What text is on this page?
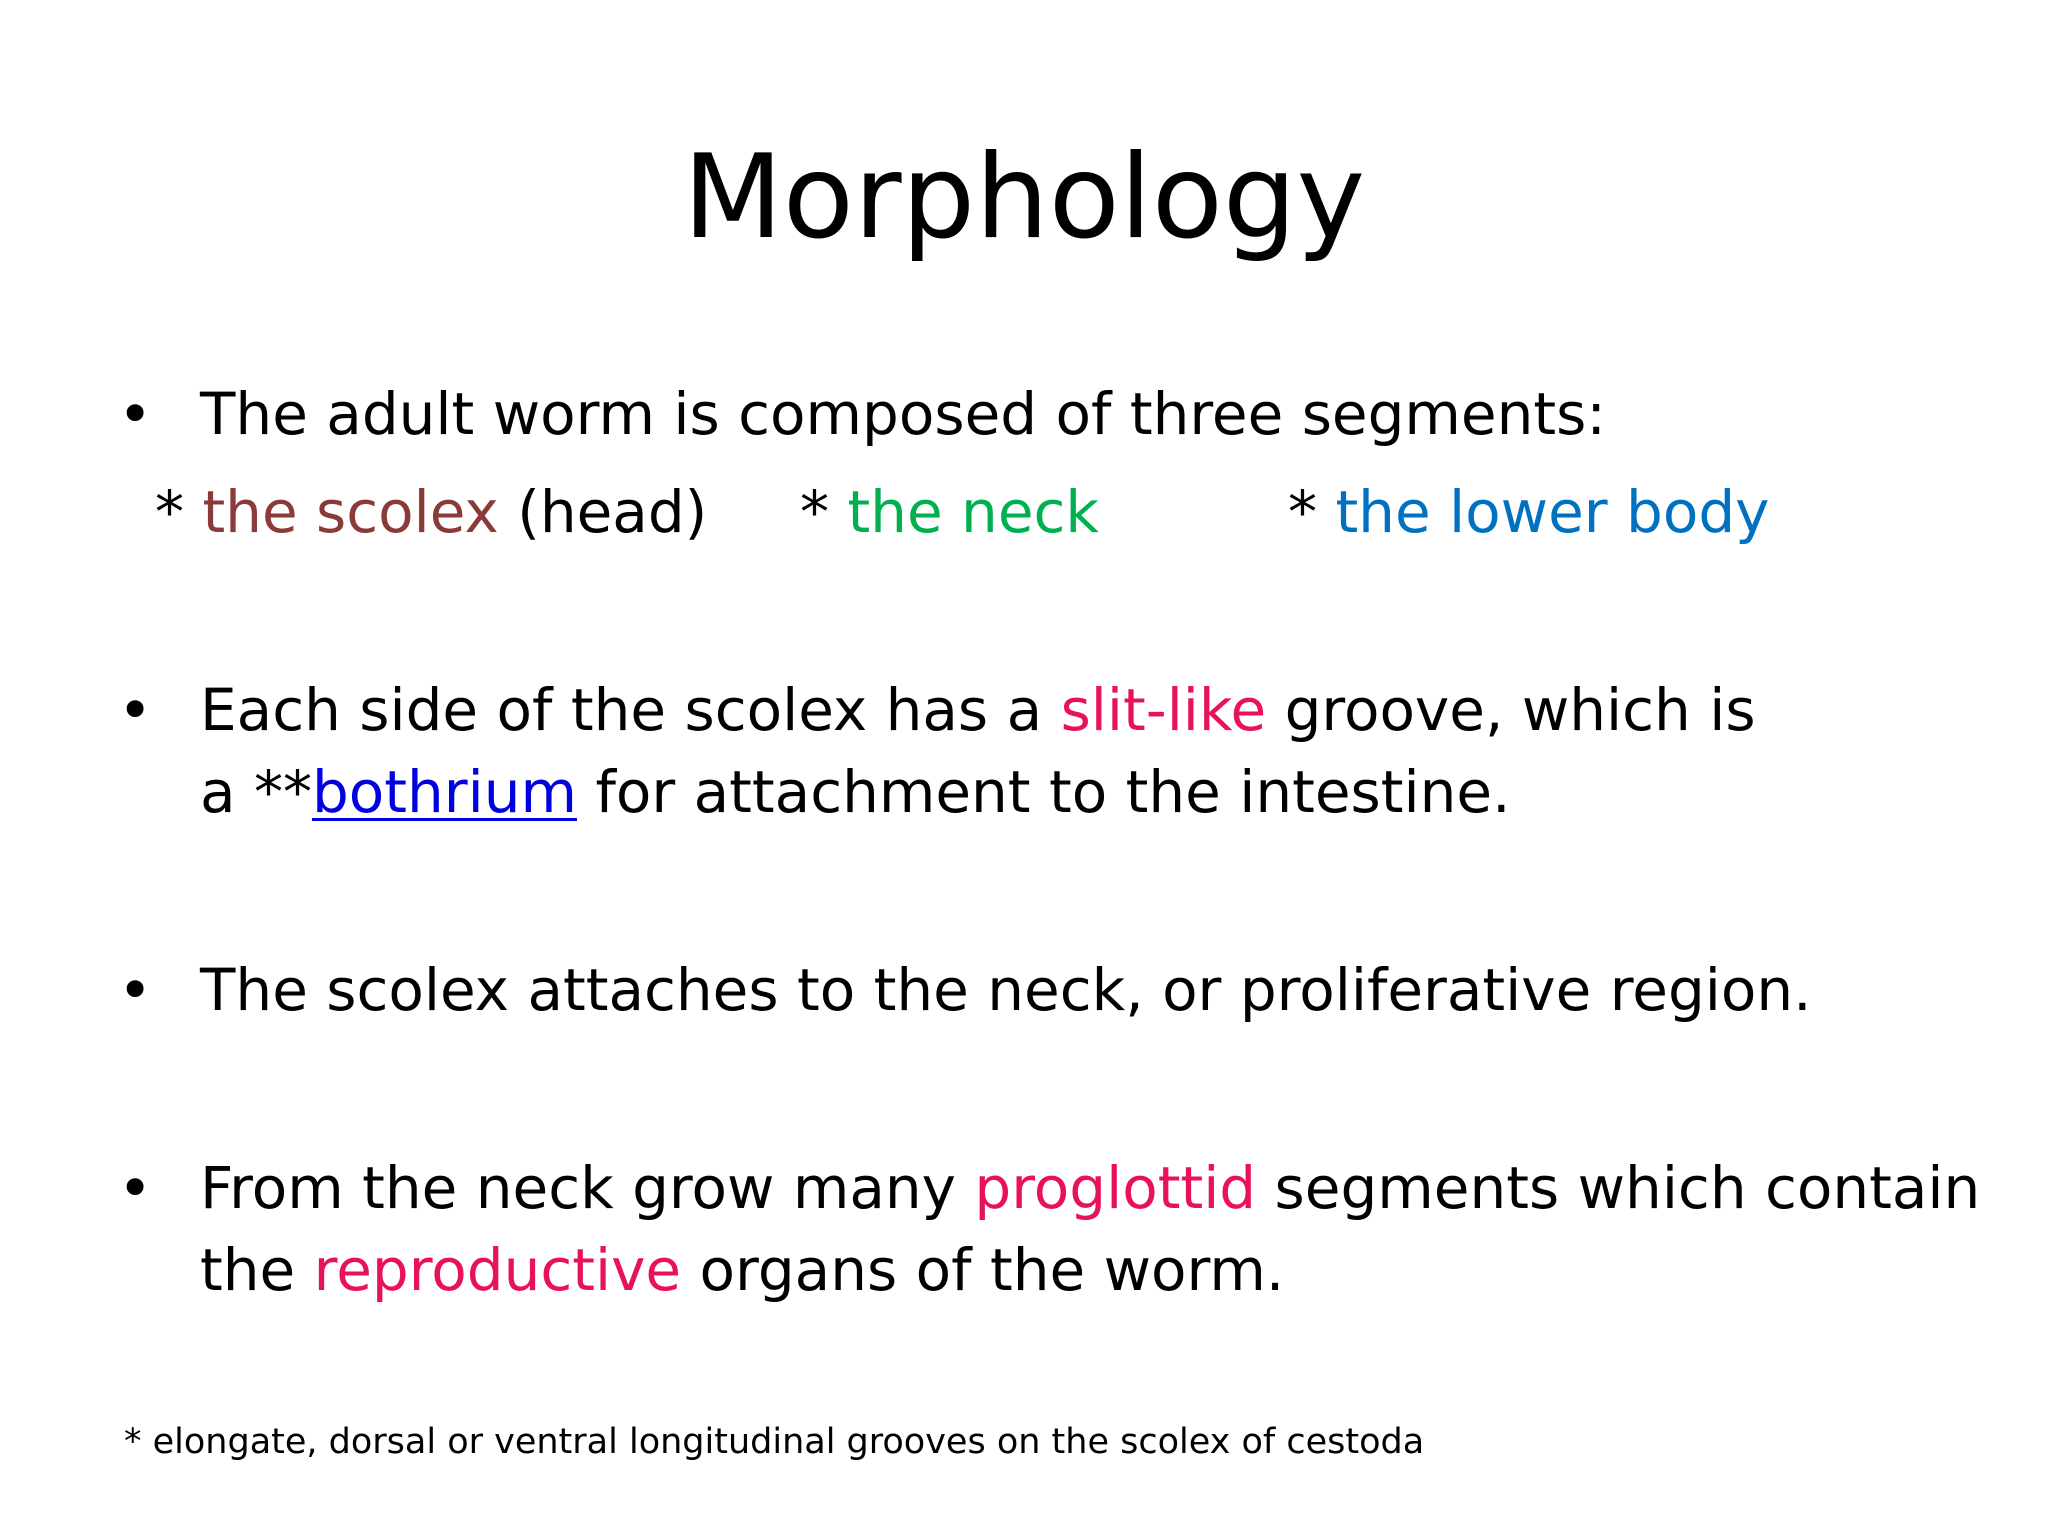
Morphology
• The adult worm is composed of three segments:
* the scolex (head) * the neck	* the lower body
• Each side of the scolex has a slit-like groove, which is
a **bothrium for attachment to the intestine.
• The scolex attaches to the neck, or proliferative region.
• From the neck grow many proglottid segments which contain
the reproductive organs of the worm.
* elongate, dorsal or ventral longitudinal grooves on the scolex of cestoda
